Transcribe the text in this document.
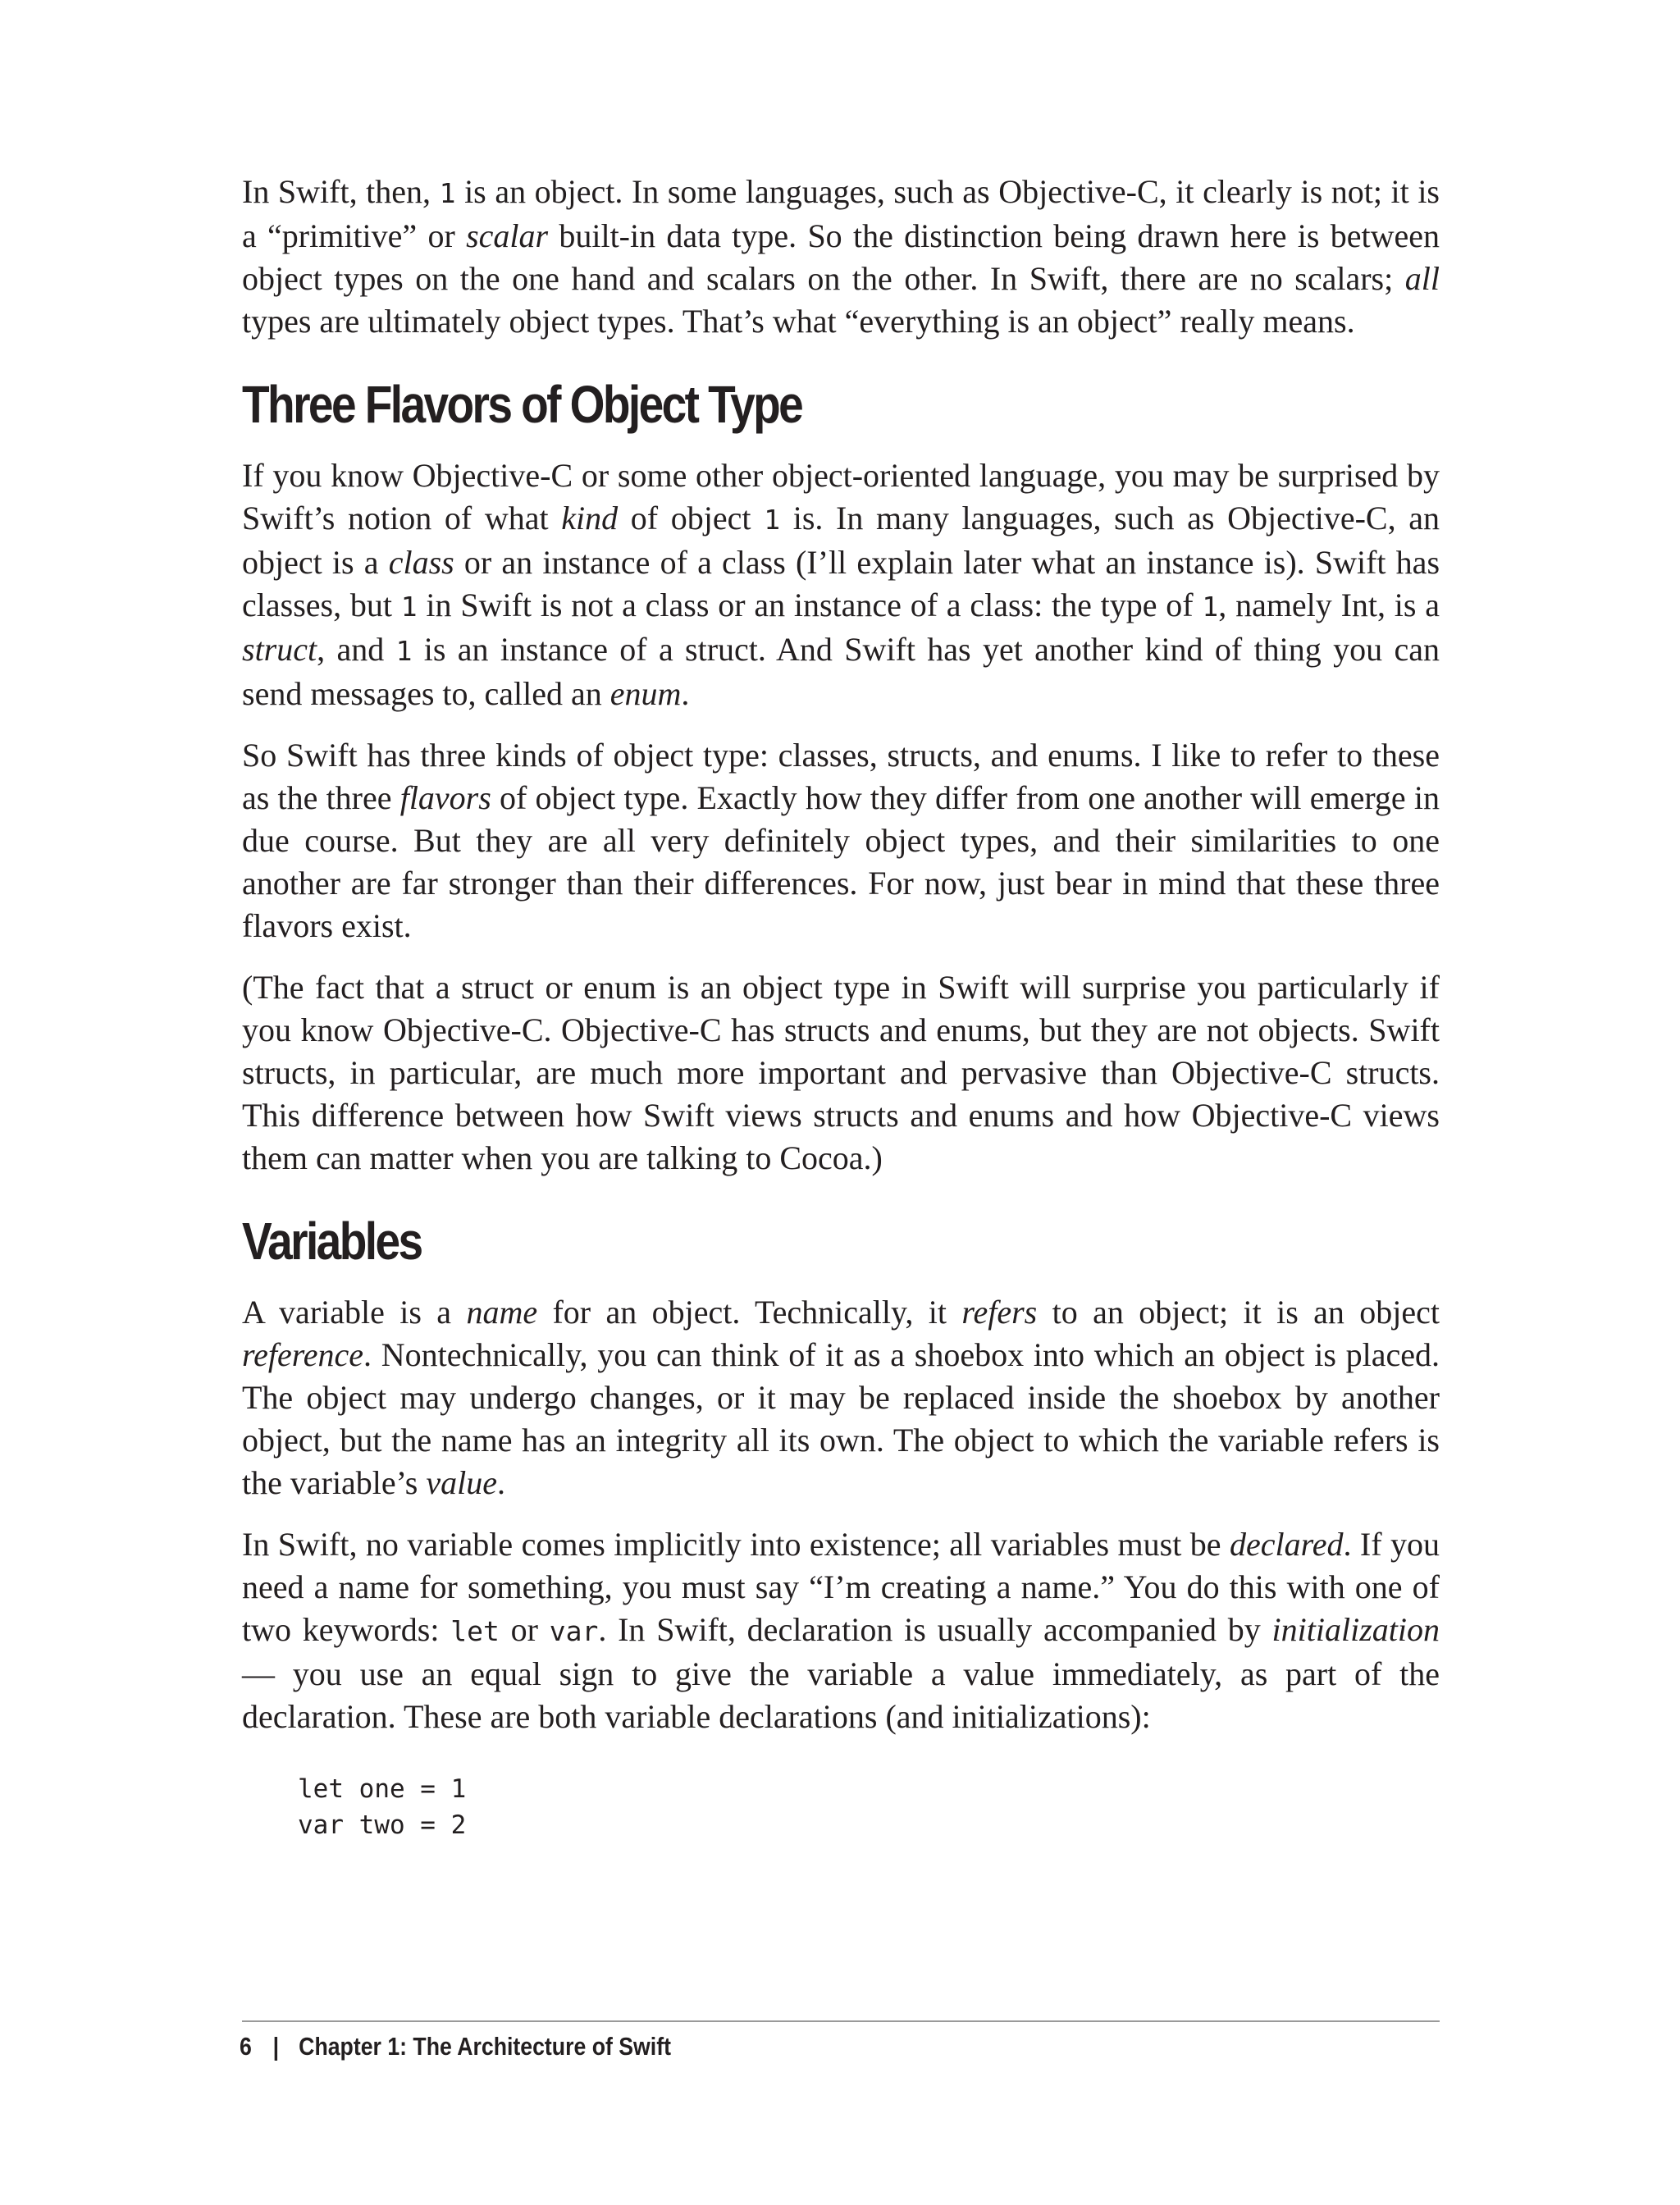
In Swift, then, 1 is an object. In some languages, such as Objective-C, it clearly is not; it is a “primitive” or scalar built-in data type. So the distinction being drawn here is between object types on the one hand and scalars on the other. In Swift, there are no scalars; all types are ultimately object types. That’s what “everything is an object” really means.

Three Flavors of Object Type

If you know Objective-C or some other object-oriented language, you may be surprised by Swift’s notion of what kind of object 1 is. In many languages, such as Objective-C, an object is a class or an instance of a class (I’ll explain later what an instance is). Swift has classes, but 1 in Swift is not a class or an instance of a class: the type of 1, namely Int, is a struct, and 1 is an instance of a struct. And Swift has yet another kind of thing you can send messages to, called an enum.

So Swift has three kinds of object type: classes, structs, and enums. I like to refer to these as the three flavors of object type. Exactly how they differ from one another will emerge in due course. But they are all very definitely object types, and their similarities to one another are far stronger than their differences. For now, just bear in mind that these three flavors exist.

(The fact that a struct or enum is an object type in Swift will surprise you particularly if you know Objective-C. Objective-C has structs and enums, but they are not objects. Swift structs, in particular, are much more important and pervasive than Objective-C structs. This difference between how Swift views structs and enums and how Objective-C views them can matter when you are talking to Cocoa.)

Variables

A variable is a name for an object. Technically, it refers to an object; it is an object reference. Nontechnically, you can think of it as a shoebox into which an object is placed. The object may undergo changes, or it may be replaced inside the shoebox by another object, but the name has an integrity all its own. The object to which the variable refers is the variable’s value.

In Swift, no variable comes implicitly into existence; all variables must be declared. If you need a name for something, you must say “I’m creating a name.” You do this with one of two keywords: let or var. In Swift, declaration is usually accompanied by initialization — you use an equal sign to give the variable a value immediately, as part of the declaration. These are both variable declarations (and initializations):

let one = 1
var two = 2
6 | Chapter 1: The Architecture of Swift
